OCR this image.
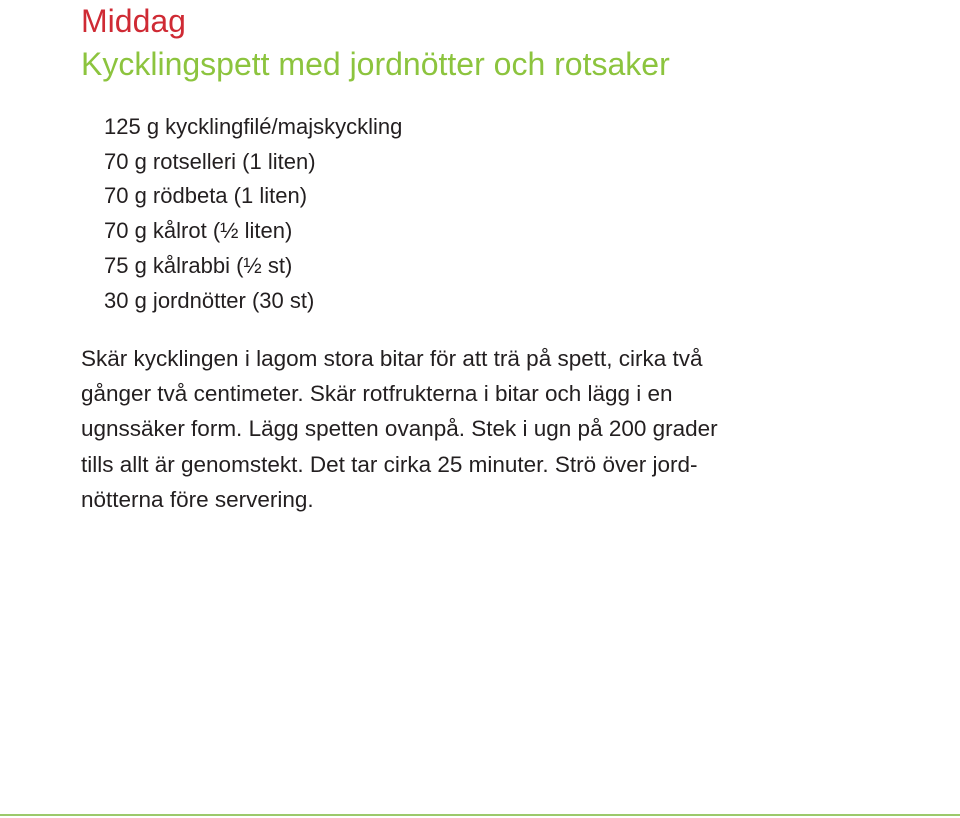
Middag
Kycklingspett med jordnötter och rotsaker
125 g kycklingfilé/majskyckling
70 g rotselleri (1 liten)
70 g rödbeta (1 liten)
70 g kålrot (½ liten)
75 g kålrabbi (½ st)
30 g jordnötter (30 st)

Skär kycklingen i lagom stora bitar för att trä på spett, cirka två
gånger två centimeter. Skär rotfrukterna i bitar och lägg i en
ugnssäker form. Lägg spetten ovanpå. Stek i ugn på 200 grader
tills allt är genomstekt. Det tar cirka 25 minuter. Strö över jord-
nötterna före servering.
